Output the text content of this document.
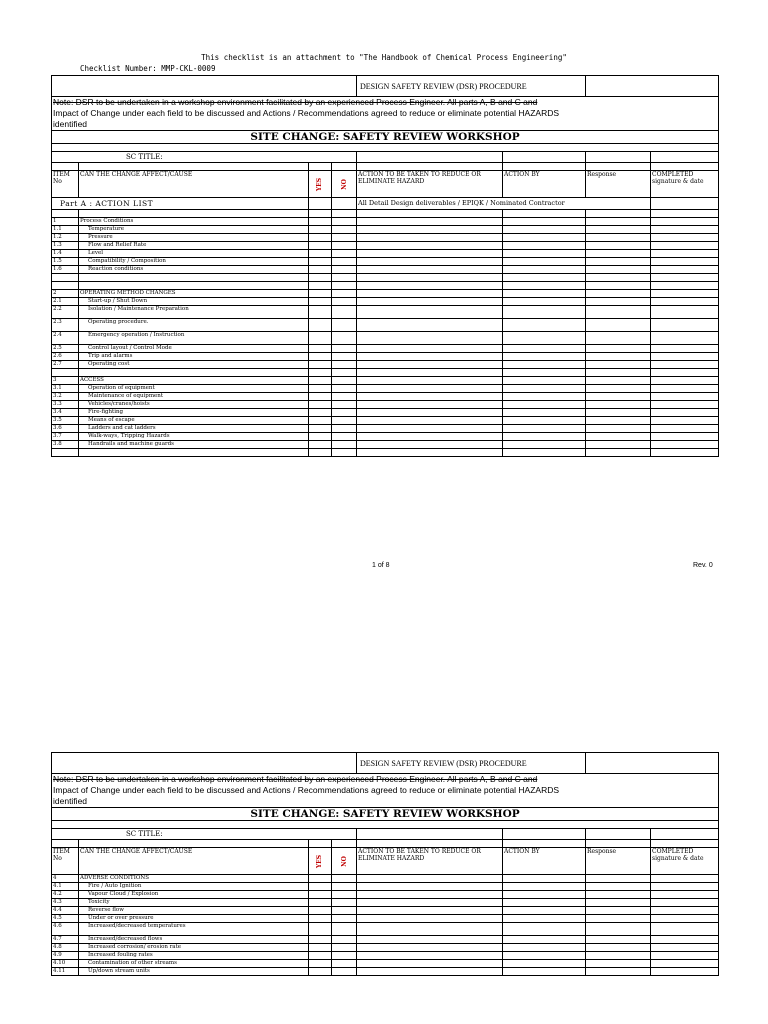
This checklist is an attachment to "The Handbook of Chemical Process Engineering"
Checklist Number: MMP-CKL-0009
				DESIGN SAFETY REVIEW (DSR) PROCEDURE			
Note: DSR to be undertaken in a workshop environment facilitated by an experienced Process Engineer. All parts A, B and C and
Impact of Change under each field to be discussed and Actions / Recommendations agreed to reduce or eliminate potential HAZARDS
identified							
SITE CHANGE: SAFETY REVIEW WORKSHOP							

SC TITLE:							

ITEM No	CAN THE CHANGE AFFECT/CAUSE	YES	NO	ACTION TO BE TAKEN TO REDUCE OR ELIMINATE HAZARD	ACTION BY	Response	COMPLETED signature & date
Part A : ACTION LIST				All Detail Design deliverables / EPIQK / Nominated Contractor			

1	Process Conditions						
1.1	Temperature						
1.2	Pressure						
1.3	Flow and Relief Rate						
1.4	Level						
1.5	Compatibility / Composition						
1.6	Reaction conditions						

2	OPERATING METHOD CHANGES						
2.1	Start-up / Shut Down						
2.2	Isolation / Maintenance Preparation						
2.3	Operating procedure.						
2.4	Emergency operation / Instruction						
2.5	Control layout / Control Mode						
2.6	Trip and alarms						
2.7	Operating cost						

3	ACCESS						
3.1	Operation of equipment						
3.2	Maintenance of equipment						
3.3	Vehicles/cranes/hoists						
3.4	Fire-fighting						
3.5	Means of escape						
3.6	Ladders and cat ladders						
3.7	Walk-ways, Tripping Hazards						
3.8	Handrails and machine guards						

1 of 8	Rev. 0
				DESIGN SAFETY REVIEW (DSR) PROCEDURE			
Note: DSR to be undertaken in a workshop environment facilitated by an experienced Process Engineer. All parts A, B and C and
Impact of Change under each field to be discussed and Actions / Recommendations agreed to reduce or eliminate potential HAZARDS
identified							
SITE CHANGE: SAFETY REVIEW WORKSHOP							

SC TITLE:							

ITEM No	CAN THE CHANGE AFFECT/CAUSE	YES	NO	ACTION TO BE TAKEN TO REDUCE OR ELIMINATE HAZARD	ACTION BY	Response	COMPLETED signature & date
4	ADVERSE CONDITIONS						
4.1	Fire / Auto Ignition						
4.2	Vapour Cloud / Explosion						
4.3	Toxicity						
4.4	Reverse flow						
4.5	Under or over pressure						
4.6	Increased/decreased temperatures						
4.7	Increased/decreased flows						
4.8	Increased corrosion/ erosion rate						
4.9	Increased fouling rates						
4.10	Contamination of other streams						
4.11	Up/down stream units						
